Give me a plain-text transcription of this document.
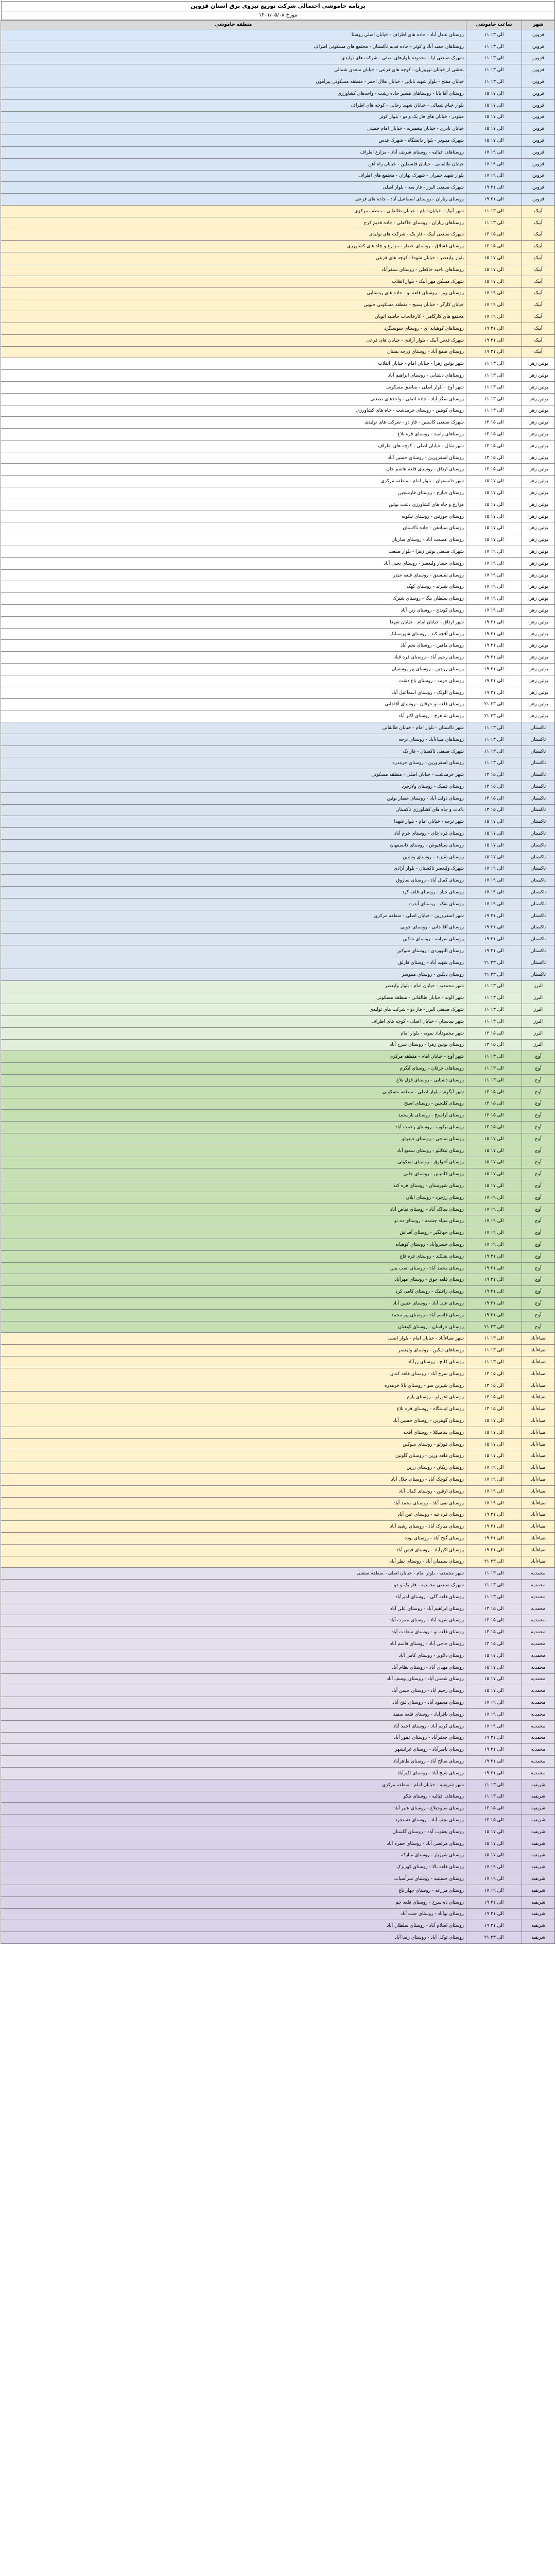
برنامه خاموشی احتمالی شرکت توزیع نیروی برق استان قزوین
مورخ ۱۴۰۱/۰۵/۰۸
شهر	ساعت خاموشی	منطقه خاموشی
قزوین	۱۱ الی ۱۳	روستای عبدل آباد - جاده های اطراف - خیابان اصلی روستا
قزوین	۱۱ الی ۱۳	روستاهای حمید آباد و کوثر - جاده قدیم تاکستان - مجتمع های مسکونی اطراف
قزوین	۱۱ الی ۱۳	شهرک صنعتی لیا - محدوده بلوارهای اصلی - شرکت های تولیدی
قزوین	۱۱ الی ۱۳	بخشی از خیابان نوروزیان - کوچه های فرعی - خیابان سعدی شمالی
قزوین	۱۱ الی ۱۳	خیابان مفتح - بلوار شهید بابایی - خیابان هلال احمر - منطقه مسکونی پیرامون
قزوین	۱۵ الی ۱۷	روستای آقا بابا - روستاهای مسیر جاده رشت - واحدهای کشاورزی
قزوین	۱۵ الی ۱۷	بلوار خیام شمالی - خیابان شهید رجایی - کوچه های اطراف
قزوین	۱۵ الی ۱۷	مینودر - خیابان های فاز یک و دو - بلوار کوثر
قزوین	۱۵ الی ۱۷	خیابان نادری - خیابان پیغمبریه - خیابان امام خمینی
قزوین	۱۵ الی ۱۷	شهرک مینودر - بلوار دانشگاه - شهرک قدس
قزوین	۱۷ الی ۱۹	روستاهای اقبالیه - روستای شریف آباد - مزارع اطراف
قزوین	۱۷ الی ۱۹	خیابان طالقانی - خیابان فلسطین - خیابان راه آهن
قزوین	۱۷ الی ۱۹	بلوار شهید چمران - شهرک بهاران - مجتمع های اطراف
قزوین	۱۹ الی ۲۱	شهرک صنعتی البرز - فاز سه - بلوار اصلی
قزوین	۱۹ الی ۲۱	روستای زیاران - روستای اسماعیل آباد - جاده های فرعی
آبیک	۱۱ الی ۱۳	شهر آبیک - خیابان امام - خیابان طالقانی - منطقه مرکزی
آبیک	۱۱ الی ۱۳	روستاهای زیاران - روستای خاکعلی - جاده قدیم کرج
آبیک	۱۳ الی ۱۵	شهرک صنعتی آبیک - فاز یک - شرکت های تولیدی
آبیک	۱۳ الی ۱۵	روستای قشلاق - روستای حصار - مزارع و چاه های کشاورزی
آبیک	۱۵ الی ۱۷	بلوار ولیعصر - خیابان شهدا - کوچه های فرعی
آبیک	۱۵ الی ۱۷	روستاهای ناحیه خاکعلی - روستای سنقرآباد
آبیک	۱۵ الی ۱۷	شهرک مسکن مهر آبیک - بلوار انقلاب
آبیک	۱۷ الی ۱۹	روستای ویر - روستای قلعه نو - جاده های روستایی
آبیک	۱۷ الی ۱۹	خیابان کارگر - خیابان بسیج - منطقه مسکونی جنوبی
آبیک	۱۷ الی ۱۹	مجتمع های کارگاهی - کارخانجات حاشیه اتوبان
آبیک	۱۹ الی ۲۱	روستاهای کوهپایه ای - روستای سوسنگرد
آبیک	۱۹ الی ۲۱	شهرک قدس آبیک - بلوار آزادی - خیابان های فرعی
آبیک	۱۹ الی ۲۱	روستای صمغ آباد - روستای زرجه بستان
بوئین زهرا	۱۱ الی ۱۳	شهر بوئین زهرا - خیابان امام - خیابان انقلاب
بوئین زهرا	۱۱ الی ۱۳	روستاهای دشتابی - روستای ابراهیم آباد
بوئین زهرا	۱۱ الی ۱۳	شهر آوج - بلوار اصلی - مناطق مسکونی
بوئین زهرا	۱۱ الی ۱۳	روستای سگز آباد - جاده اصلی - واحدهای صنعتی
بوئین زهرا	۱۱ الی ۱۳	روستای کوهین - روستای خرمدشت - چاه های کشاورزی
بوئین زهرا	۱۳ الی ۱۵	شهرک صنعتی کاسپین - فاز دو - شرکت های تولیدی
بوئین زهرا	۱۳ الی ۱۵	روستاهای رامند - روستای قره بلاغ
بوئین زهرا	۱۳ الی ۱۵	شهر شال - خیابان اصلی - کوچه های اطراف
بوئین زهرا	۱۳ الی ۱۵	روستای اسفرورین - روستای حسین آباد
بوئین زهرا	۱۳ الی ۱۵	روستای ارداق - روستای قلعه هاشم خان
بوئین زهرا	۱۵ الی ۱۷	شهر دانسفهان - بلوار امام - منطقه مرکزی
بوئین زهرا	۱۵ الی ۱۷	روستای خیارج - روستای فارسجین
بوئین زهرا	۱۵ الی ۱۷	مزارع و چاه های کشاورزی دشت بوئین
بوئین زهرا	۱۵ الی ۱۷	روستای خوزنین - روستای نیکویه
بوئین زهرا	۱۵ الی ۱۷	روستای سیادهن - جاده تاکستان
بوئین زهرا	۱۵ الی ۱۷	روستای عصمت آباد - روستای ساریان
بوئین زهرا	۱۷ الی ۱۹	شهرک صنعتی بوئین زهرا - بلوار صنعت
بوئین زهرا	۱۷ الی ۱۹	روستای حصار ولیعصر - روستای یحیی آباد
بوئین زهرا	۱۷ الی ۱۹	روستای شنستق - روستای قلعه حیدر
بوئین زهرا	۱۷ الی ۱۹	روستای شیزند - روستای کهک
بوئین زهرا	۱۷ الی ۱۹	روستای سلطان بیگ - روستای شترک
بوئین زهرا	۱۷ الی ۱۹	روستای کوندج - روستای زین آباد
بوئین زهرا	۱۹ الی ۲۱	شهر ارداق - خیابان امام - خیابان شهدا
بوئین زهرا	۱۹ الی ۲۱	روستای آقچه کند - روستای شهرستانک
بوئین زهرا	۱۹ الی ۲۱	روستای ماهین - روستای نجم آباد
بوئین زهرا	۱۹ الی ۲۱	روستای رحیم آباد - روستای قره قباد
بوئین زهرا	۱۹ الی ۲۱	روستای زرجین - روستای پیر یوسفیان
بوئین زهرا	۱۹ الی ۲۱	روستای جزمه - روستای باغ دشت
بوئین زهرا	۱۹ الی ۲۱	روستای الولک - روستای اسماعیل آباد
بوئین زهرا	۲۱ الی ۲۳	روستای قلعه نو خرقان - روستای آقاجانی
بوئین زهرا	۲۱ الی ۲۳	روستای شاهرخ - روستای اکبر آباد
تاکستان	۱۱ الی ۱۳	شهر تاکستان - بلوار امام - خیابان طالقانی
تاکستان	۱۱ الی ۱۳	روستاهای ضیاءآباد - روستای نرجه
تاکستان	۱۱ الی ۱۳	شهرک صنعتی تاکستان - فاز یک
تاکستان	۱۱ الی ۱۳	روستای اسفرورین - روستای خرمدره
تاکستان	۱۳ الی ۱۵	شهر خرمدشت - خیابان اصلی - منطقه مسکونی
تاکستان	۱۳ الی ۱۵	روستای قمیک - روستای ولازجرد
تاکستان	۱۳ الی ۱۵	روستای دولت آباد - روستای حصار بوئین
تاکستان	۱۳ الی ۱۵	باغات و چاه های کشاورزی تاکستان
تاکستان	۱۵ الی ۱۷	شهر نرجه - خیابان امام - بلوار شهدا
تاکستان	۱۵ الی ۱۷	روستای قره چای - روستای خرم آباد
تاکستان	۱۵ الی ۱۷	روستای سیاهپوش - روستای دانسفهان
تاکستان	۱۵ الی ۱۷	روستای شیزند - روستای وشتین
تاکستان	۱۷ الی ۱۹	شهرک ولیعصر تاکستان - بلوار آزادی
تاکستان	۱۷ الی ۱۹	روستای کمال آباد - روستای ساروق
تاکستان	۱۷ الی ۱۹	روستای خیار - روستای قلعه کرد
تاکستان	۱۷ الی ۱۹	روستای تفک - روستای آبدره
تاکستان	۱۹ الی ۲۱	شهر اسفرورین - خیابان اصلی - منطقه مرکزی
تاکستان	۱۹ الی ۲۱	روستای آقا جانی - روستای خونی
تاکستان	۱۹ الی ۲۱	روستای سرامه - روستای شکین
تاکستان	۱۹ الی ۲۱	روستای اللهوردی - روستای سوکین
تاکستان	۲۱ الی ۲۳	روستای شهید آباد - روستای قارلق
تاکستان	۲۱ الی ۲۳	روستای دیکین - روستای مینوسر
البرز	۱۱ الی ۱۳	شهر محمدیه - خیابان امام - بلوار ولیعصر
البرز	۱۱ الی ۱۳	شهر الوند - خیابان طالقانی - منطقه مسکونی
البرز	۱۱ الی ۱۳	شهرک صنعتی البرز - فاز دو - شرکت های تولیدی
البرز	۱۱ الی ۱۳	شهر بیدستان - خیابان اصلی - کوچه های اطراف
البرز	۱۳ الی ۱۵	شهر محمودآباد نمونه - بلوار امام
البرز	۱۳ الی ۱۵	روستای بوئین زهرا - روستای سرخ آباد
آوج	۱۱ الی ۱۳	شهر آوج - خیابان امام - منطقه مرکزی
آوج	۱۱ الی ۱۳	روستاهای خرقان - روستای آبگرم
آوج	۱۱ الی ۱۳	روستای دشتابی - روستای قزل بلاغ
آوج	۱۳ الی ۱۵	شهر آبگرم - بلوار اصلی - منطقه مسکونی
آوج	۱۳ الی ۱۵	روستای کلنجین - روستای استج
آوج	۱۳ الی ۱۵	روستای آراسنج - روستای یارمحمد
آوج	۱۳ الی ۱۵	روستای نیکویه - روستای رحمت آباد
آوج	۱۵ الی ۱۷	روستای ساجی - روستای حیدرلو
آوج	۱۵ الی ۱۷	روستای تیکانلو - روستای سمیع آباد
آوج	۱۵ الی ۱۷	روستای آخولوق - روستای اسکوئی
آوج	۱۵ الی ۱۷	روستای کلمیس - روستای جلبی
آوج	۱۵ الی ۱۷	روستای شهرستان - روستای قره کند
آوج	۱۷ الی ۱۹	روستای رزجرد - روستای ایلان
آوج	۱۷ الی ۱۹	روستای سالک آباد - روستای فیاض آباد
آوج	۱۷ الی ۱۹	روستای سیاه چشمه - روستای ده نو
آوج	۱۷ الی ۱۹	روستای جهانگیر - روستای آقداش
آوج	۱۷ الی ۱۹	روستای خسروآباد - روستای کوهپایه
آوج	۱۹ الی ۲۱	روستای بشکند - روستای قره قاج
آوج	۱۹ الی ۲۱	روستای محمد آباد - روستای اسب پس
آوج	۱۹ الی ۲۱	روستای قلعه جوق - روستای مهرآباد
آوج	۱۹ الی ۲۱	روستای زاغلیک - روستای کامی کرد
آوج	۱۹ الی ۲۱	روستای علی آباد - روستای حسن آباد
آوج	۱۹ الی ۲۱	روستای قاسم آباد - روستای پیر محمد
آوج	۲۱ الی ۲۳	روستای خراسان - روستای کوهنان
ضیاءآباد	۱۱ الی ۱۳	شهر ضیاءآباد - خیابان امام - بلوار اصلی
ضیاءآباد	۱۱ الی ۱۳	روستاهای دیکین - روستای ولیعصر
ضیاءآباد	۱۱ الی ۱۳	روستای کلنج - روستای زرآباد
ضیاءآباد	۱۳ الی ۱۵	روستای سرخ آباد - روستای قلعه کندی
ضیاءآباد	۱۳ الی ۱۵	روستای شیرین سو - روستای بالا خرمدره
ضیاءآباد	۱۳ الی ۱۵	روستای اغوزلو - روستای یارم
ضیاءآباد	۱۳ الی ۱۵	روستای ایستگاه - روستای قره بلاغ
ضیاءآباد	۱۵ الی ۱۷	روستای گوهرین - روستای حسین آباد
ضیاءآباد	۱۵ الی ۱۷	روستای سامیکلا - روستای آقچه
ضیاءآباد	۱۵ الی ۱۷	روستای قوزلو - روستای سوکین
ضیاءآباد	۱۵ الی ۱۷	روستای قلعه ورین - روستای گاوبین
ضیاءآباد	۱۷ الی ۱۹	روستای ریکان - روستای زرین
ضیاءآباد	۱۷ الی ۱۹	روستای کوچک آباد - روستای جلال آباد
ضیاءآباد	۱۷ الی ۱۹	روستای ارقین - روستای کمال آباد
ضیاءآباد	۱۷ الی ۱۹	روستای تقی آباد - روستای محمد آباد
ضیاءآباد	۱۹ الی ۲۱	روستای قره تپه - روستای عین آباد
ضیاءآباد	۱۹ الی ۲۱	روستای مبارک آباد - روستای رشید آباد
ضیاءآباد	۱۹ الی ۲۱	روستای گنج آباد - روستای نوده
ضیاءآباد	۱۹ الی ۲۱	روستای اکبرآباد - روستای فیض آباد
ضیاءآباد	۲۱ الی ۲۳	روستای سلیمان آباد - روستای نظر آباد
محمدیه	۱۱ الی ۱۳	شهر محمدیه - بلوار امام - خیابان اصلی - منطقه صنعتی
محمدیه	۱۱ الی ۱۳	شهرک صنعتی محمدیه - فاز یک و دو
محمدیه	۱۱ الی ۱۳	روستای قلعه گلی - روستای امیرآباد
محمدیه	۱۳ الی ۱۵	روستای ابراهیم آباد - روستای علی آباد
محمدیه	۱۳ الی ۱۵	روستای شهید آباد - روستای نصرت آباد
محمدیه	۱۳ الی ۱۵	روستای قلعه نو - روستای سعادت آباد
محمدیه	۱۳ الی ۱۵	روستای حاجی آباد - روستای قاسم آباد
محمدیه	۱۵ الی ۱۷	روستای دلاویز - روستای کامل آباد
محمدیه	۱۵ الی ۱۷	روستای مهدی آباد - روستای نظام آباد
محمدیه	۱۵ الی ۱۷	روستای شمس آباد - روستای یوسف آباد
محمدیه	۱۵ الی ۱۷	روستای رحیم آباد - روستای حسن آباد
محمدیه	۱۷ الی ۱۹	روستای محمود آباد - روستای فتح آباد
محمدیه	۱۷ الی ۱۹	روستای باقرآباد - روستای قلعه سفید
محمدیه	۱۷ الی ۱۹	روستای کریم آباد - روستای احمد آباد
محمدیه	۱۹ الی ۲۱	روستای جعفرآباد - روستای غفور آباد
محمدیه	۱۹ الی ۲۱	روستای ناصرآباد - روستای ایرانشهر
محمدیه	۱۹ الی ۲۱	روستای صالح آباد - روستای طاهرآباد
محمدیه	۱۹ الی ۲۱	روستای شیخ آباد - روستای اکبرآباد
شریفیه	۱۱ الی ۱۳	شهر شریفیه - خیابان امام - منطقه مرکزی
شریفیه	۱۱ الی ۱۳	روستاهای اقبالیه - روستای تلکو
شریفیه	۱۳ الی ۱۵	روستای ساوجبلاغ - روستای عنبر آباد
شریفیه	۱۳ الی ۱۵	روستای نجف آباد - روستای دستجرد
شریفیه	۱۵ الی ۱۷	روستای یعقوب آباد - روستای گلستان
شریفیه	۱۵ الی ۱۷	روستای مرتضی آباد - روستای حمزه آباد
شریفیه	۱۵ الی ۱۷	روستای شهریار - روستای مبارکه
شریفیه	۱۷ الی ۱۹	روستای قلعه بالا - روستای کهریزک
شریفیه	۱۷ الی ۱۹	روستای حسینیه - روستای سرآسیاب
شریفیه	۱۷ الی ۱۹	روستای مزرعه - روستای چهار باغ
شریفیه	۱۹ الی ۲۱	روستای ده سرخ - روستای قلعه چم
شریفیه	۱۹ الی ۲۱	روستای نوآباد - روستای جنت آباد
شریفیه	۱۹ الی ۲۱	روستای اسلام آباد - روستای سلطان آباد
شریفیه	۲۱ الی ۲۳	روستای توکل آباد - روستای رضا آباد
